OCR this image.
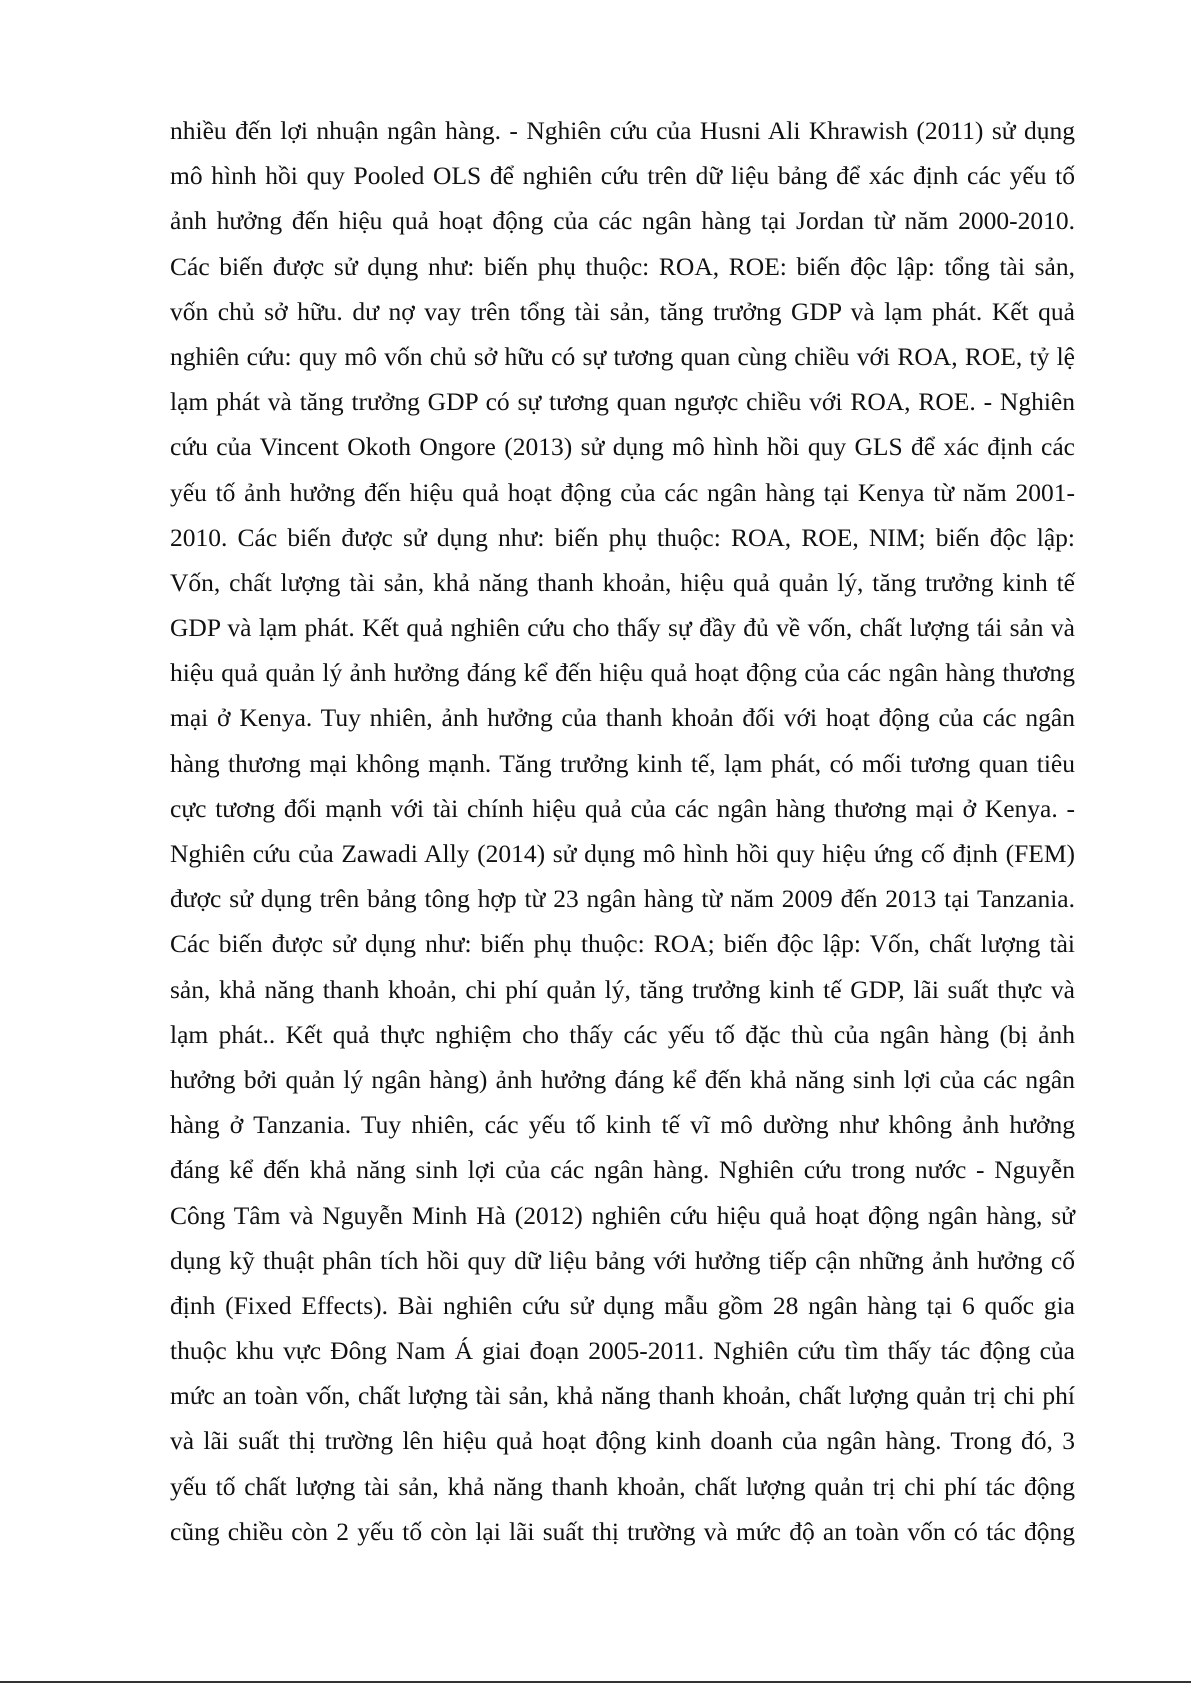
nhiều đến lợi nhuận ngân hàng. - Nghiên cứu của Husni Ali Khrawish (2011) sử dụng
mô hình hồi quy Pooled OLS để nghiên cứu trên dữ liệu bảng để xác định các yếu tố
ảnh hưởng đến hiệu quả hoạt động của các ngân hàng tại Jordan từ năm 2000-2010.
Các biến được sử dụng như: biến phụ thuộc: ROA, ROE: biến độc lập: tổng tài sản,
vốn chủ sở hữu. dư nợ vay trên tổng tài sản, tăng trưởng GDP và lạm phát. Kết quả
nghiên cứu: quy mô vốn chủ sở hữu có sự tương quan cùng chiều với ROA, ROE, tỷ lệ
lạm phát và tăng trưởng GDP có sự tương quan ngược chiều với ROA, ROE. - Nghiên
cứu của Vincent Okoth Ongore (2013) sử dụng mô hình hồi quy GLS để xác định các
yếu tố ảnh hưởng đến hiệu quả hoạt động của các ngân hàng tại Kenya từ năm 2001-
2010. Các biến được sử dụng như: biến phụ thuộc: ROA, ROE, NIM; biến độc lập:
Vốn, chất lượng tài sản, khả năng thanh khoản, hiệu quả quản lý, tăng trưởng kinh tế
GDP và lạm phát. Kết quả nghiên cứu cho thấy sự đầy đủ về vốn, chất lượng tái sản và
hiệu quả quản lý ảnh hưởng đáng kể đến hiệu quả hoạt động của các ngân hàng thương
mại ở Kenya. Tuy nhiên, ảnh hưởng của thanh khoản đối với hoạt động của các ngân
hàng thương mại không mạnh. Tăng trưởng kinh tế, lạm phát, có mối tương quan tiêu
cực tương đối mạnh với tài chính hiệu quả của các ngân hàng thương mại ở Kenya. -
Nghiên cứu của Zawadi Ally (2014) sử dụng mô hình hồi quy hiệu ứng cố định (FEM)
được sử dụng trên bảng tông hợp từ 23 ngân hàng từ năm 2009 đến 2013 tại Tanzania.
Các biến được sử dụng như: biến phụ thuộc: ROA; biến độc lập: Vốn, chất lượng tài
sản, khả năng thanh khoản, chi phí quản lý, tăng trưởng kinh tế GDP, lãi suất thực và
lạm phát.. Kết quả thực nghiệm cho thấy các yếu tố đặc thù của ngân hàng (bị ảnh
hưởng bởi quản lý ngân hàng) ảnh hưởng đáng kể đến khả năng sinh lợi của các ngân
hàng ở Tanzania. Tuy nhiên, các yếu tố kinh tế vĩ mô dường như không ảnh hưởng
đáng kể đến khả năng sinh lợi của các ngân hàng. Nghiên cứu trong nước - Nguyễn
Công Tâm và Nguyễn Minh Hà (2012) nghiên cứu hiệu quả hoạt động ngân hàng, sử
dụng kỹ thuật phân tích hồi quy dữ liệu bảng với hưởng tiếp cận những ảnh hưởng cố
định (Fixed Effects). Bài nghiên cứu sử dụng mẫu gồm 28 ngân hàng tại 6 quốc gia
thuộc khu vực Đông Nam Á giai đoạn 2005-2011. Nghiên cứu tìm thấy tác động của
mức an toàn vốn, chất lượng tài sản, khả năng thanh khoản, chất lượng quản trị chi phí
và lãi suất thị trường lên hiệu quả hoạt động kinh doanh của ngân hàng. Trong đó, 3
yếu tố chất lượng tài sản, khả năng thanh khoản, chất lượng quản trị chi phí tác động
cũng chiều còn 2 yếu tố còn lại lãi suất thị trường và mức độ an toàn vốn có tác động
